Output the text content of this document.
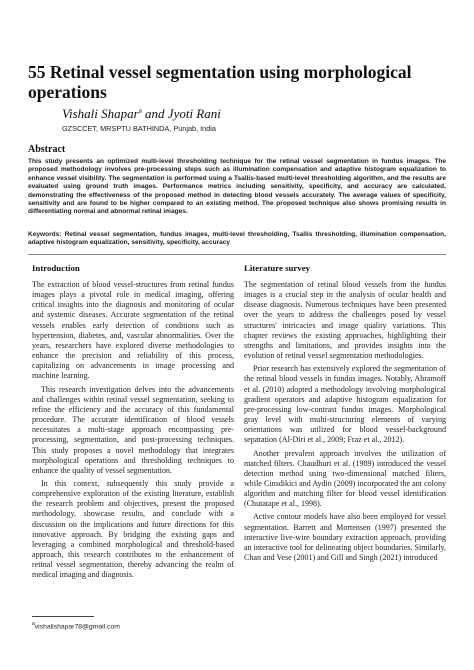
55 Retinal vessel segmentation using morphological operations
Vishali Shapar$^a$ and Jyoti Rani
GZSCCET, MRSPTU BATHINDA, Punjab, India
Abstract
This study presents an optimized multi-level thresholding technique for the retinal vessel segmentation in fundus images. The proposed methodology involves pre-processing steps such as illumination compensation and adaptive histogram equalization to enhance vessel visibility. The segmentation is performed using a Tsallis-based multi-level thresholding algorithm, and the results are evaluated using ground truth images. Performance metrics including sensitivity, specificity, and accuracy are calculated, demonstrating the effectiveness of the proposed method in detecting blood vessels accurately. The average values of specificity, sensitivity and are found to be higher compared to an existing method. The proposed technique also shows promising results in differentiating normal and abnormal retinal images.
Keywords: Retinal vessel segmentation, fundus images, multi-level thresholding, Tsallis thresholding, illumination compensation, adaptive histogram equalization, sensitivity, specificity, accuracy
Introduction

The extraction of blood vessel-structures from retinal fundus images plays a pivotal role in medical imaging, offering critical insights into the diagnosis and monitoring of ocular and systemic diseases. Accurate segmentation of the retinal vessels enables early detection of conditions such as hypertension, diabetes, and, vascular abnormalities. Over the years, researchers have explored diverse methodologies to enhance the precision and reliability of this process, capitalizing on advancements in image processing and machine learning.

This research investigation delves into the advancements and challenges within retinal vessel segmentation, seeking to refine the efficiency and the accuracy of this fundamental procedure. The accurate identification of blood vessels necessitates a multi-stage approach encompassing pre-processing, segmentation, and post-processing techniques. This study proposes a novel methodology that integrates morphological operations and thresholding techniques to enhance the quality of vessel segmentation.

In this context, subsequently this study provide a comprehensive exploration of the existing literature, establish the research problem and objectives, present the proposed methodology, showcase results, and conclude with a discussion on the implications and future directions for this innovative approach. By bridging the existing gaps and leveraging a combined morphological and threshold-based approach, this research contributes to the enhancement of retinal vessel segmentation, thereby advancing the realm of medical imaging and diagnosis.

Literature survey

The segmentation of retinal blood vessels from the fundus images is a crucial step in the analysis of ocular health and disease diagnosis. Numerous techniques have been presented over the years to address the challenges posed by vessel structures' intricacies and image quality variations. This chapter reviews the existing approaches, highlighting their strengths and limitations, and provides insights into the evolution of retinal vessel segmentation methodologies.

Prior research has extensively explored the segmentation of the retinal blood vessels in fundus images. Notably, Abramoff et al. (2010) adopted a methodology involving morphological gradient operators and adaptive histogram equalization for pre-processing low-contrast fundus images. Morphological gray level with multi-structuring elements of varying orientations was utilized for blood vessel-background separation (Al-Diri et al., 2009; Fraz et al., 2012).

Another prevalent approach involves the utilization of matched filters. Chaudhuri et al. (1989) introduced the vessel detection method using two-dimensional matched filters, while Cinsdikici and Aydin (2009) incorporated the ant colony algorithm and matching filter for blood vessel identification (Chutatape et al., 1998).

Active contour models have also been employed for vessel segmentation. Barrett and Mortensen (1997) presented the interactive live-wire boundary extraction approach, providing an interactive tool for delineating object boundaries. Similarly, Chan and Vese (2001) and Gill and Singh (2021) introduced

$^a$vishalishapar78@gmail.com
